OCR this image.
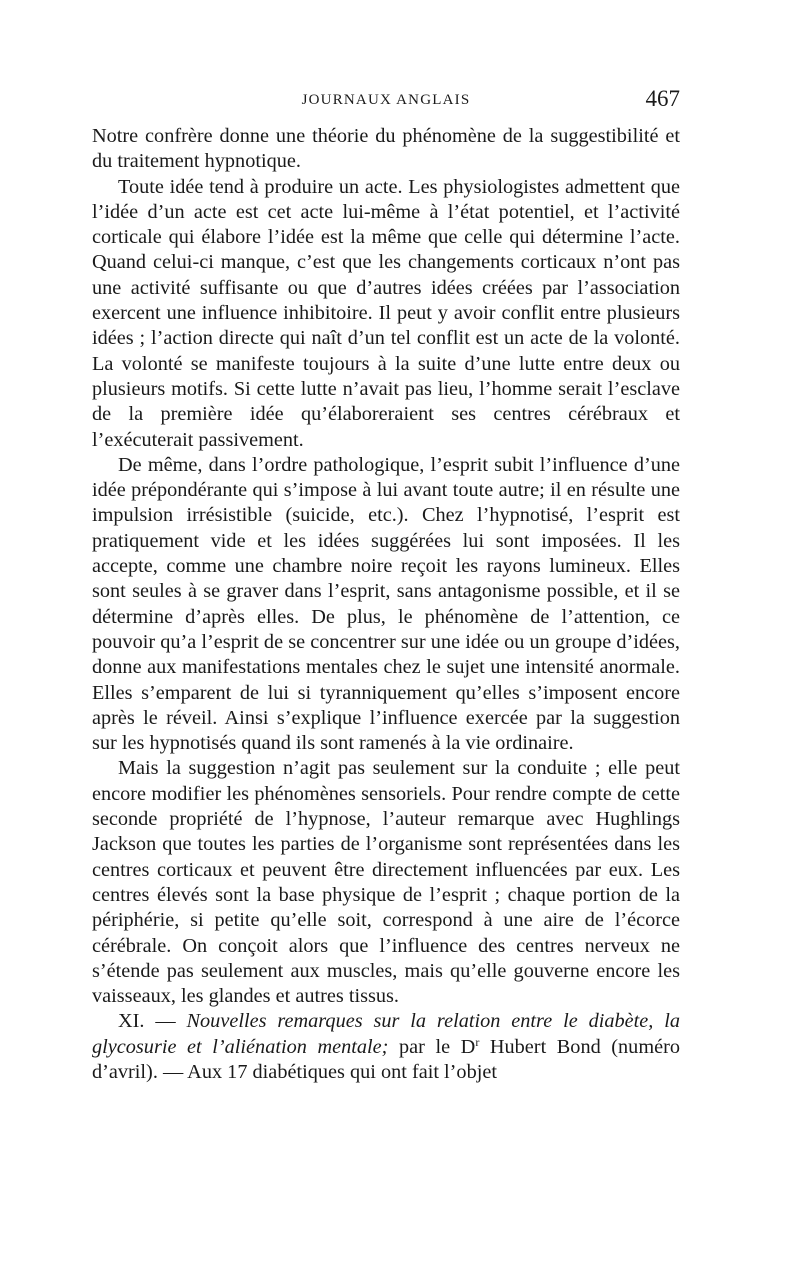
JOURNAUX ANGLAIS	467

Notre confrère donne une théorie du phénomène de la suggestibilité et du traitement hypnotique.

Toute idée tend à produire un acte. Les physiologistes admettent que l’idée d’un acte est cet acte lui-même à l’état potentiel, et l’activité corticale qui élabore l’idée est la même que celle qui détermine l’acte. Quand celui-ci manque, c’est que les changements corticaux n’ont pas une activité suffisante ou que d’autres idées créées par l’association exercent une influence inhibitoire. Il peut y avoir conflit entre plusieurs idées ; l’action directe qui naît d’un tel conflit est un acte de la volonté. La volonté se manifeste toujours à la suite d’une lutte entre deux ou plusieurs motifs. Si cette lutte n’avait pas lieu, l’homme serait l’esclave de la première idée qu’élaboreraient ses centres cérébraux et l’exécuterait passivement.

De même, dans l’ordre pathologique, l’esprit subit l’influence d’une idée prépondérante qui s’impose à lui avant toute autre; il en résulte une impulsion irrésistible (suicide, etc.). Chez l’hypnotisé, l’esprit est pratiquement vide et les idées suggérées lui sont imposées. Il les accepte, comme une chambre noire reçoit les rayons lumineux. Elles sont seules à se graver dans l’esprit, sans antagonisme possible, et il se détermine d’après elles. De plus, le phénomène de l’attention, ce pouvoir qu’a l’esprit de se concentrer sur une idée ou un groupe d’idées, donne aux manifestations mentales chez le sujet une intensité anormale. Elles s’emparent de lui si tyranniquement qu’elles s’imposent encore après le réveil. Ainsi s’explique l’influence exercée par la suggestion sur les hypnotisés quand ils sont ramenés à la vie ordinaire.

Mais la suggestion n’agit pas seulement sur la conduite ; elle peut encore modifier les phénomènes sensoriels. Pour rendre compte de cette seconde propriété de l’hypnose, l’auteur remarque avec Hughlings Jackson que toutes les parties de l’organisme sont représentées dans les centres corticaux et peuvent être directement influencées par eux. Les centres élevés sont la base physique de l’esprit ; chaque portion de la périphérie, si petite qu’elle soit, correspond à une aire de l’écorce cérébrale. On conçoit alors que l’influence des centres nerveux ne s’étende pas seulement aux muscles, mais qu’elle gouverne encore les vaisseaux, les glandes et autres tissus.

XI. — Nouvelles remarques sur la relation entre le diabète, la glycosurie et l’aliénation mentale; par le $D^r$ Hubert Bond (numéro d’avril). — Aux 17 diabétiques qui ont fait l’objet
